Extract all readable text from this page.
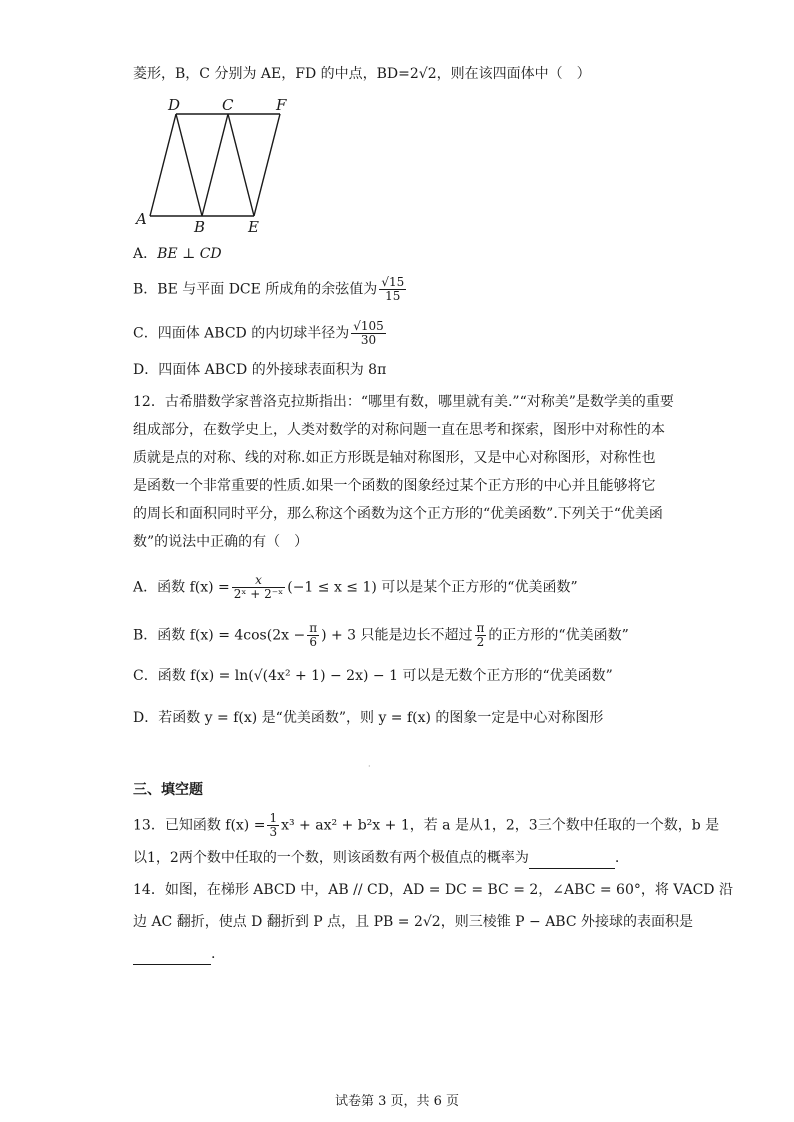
菱形，B，C 分别为 AE，FD 的中点，BD=2√2，则在该四面体中（　）
D	C	F
A	B	E
A．BE ⊥ CD
B．BE 与平面 DCE 所成角的余弦值为 $\frac{√15}{15}$
C．四面体 ABCD 的内切球半径为 $\frac{√105}{30}$
D．四面体 ABCD 的外接球表面积为 8π
12．古希腊数学家普洛克拉斯指出：“哪里有数，哪里就有美.”“对称美”是数学美的重要
组成部分，在数学史上，人类对数学的对称问题一直在思考和探索，图形中对称性的本
质就是点的对称、线的对称.如正方形既是轴对称图形，又是中心对称图形，对称性也
是函数一个非常重要的性质.如果一个函数的图象经过某个正方形的中心并且能够将它
的周长和面积同时平分，那么称这个函数为这个正方形的“优美函数”.下列关于“优美函
数”的说法中正确的有（　）
A．函数 $f(x) = \frac{x}{\text{2ˣ + 2⁻ˣ}} (-1 \le x \le 1)$ 可以是某个正方形的“优美函数”
B．函数 $f(x) = 4\cos(2x - \frac{\pi}{6}$ ) + 3 只能是边长不超过 $\frac{\pi}{2}$ 的正方形的“优美函数”
C．函数 f(x) = ln(√(4x² + 1) − 2x) − 1 可以是无数个正方形的“优美函数”
D．若函数 y = f(x) 是“优美函数”，则 y = f(x) 的图象一定是中心对称图形
·
三、填空题
13．已知函数 $f(x) = \frac{1}{3} x^3 + ax^2 + b^2x + 1$，若 a 是从1，2，3三个数中任取的一个数，b 是
以1，2两个数中任取的一个数，则该函数有两个极值点的概率为	.
14．如图，在梯形 ABCD 中，AB // CD，AD = DC = BC = 2，∠ABC = 60°，将 VACD 沿
边 AC 翻折，使点 D 翻折到 P 点，且 PB = 2√2，则三棱锥 P − ABC 外接球的表面积是
.
试卷第 3 页，共 6 页
